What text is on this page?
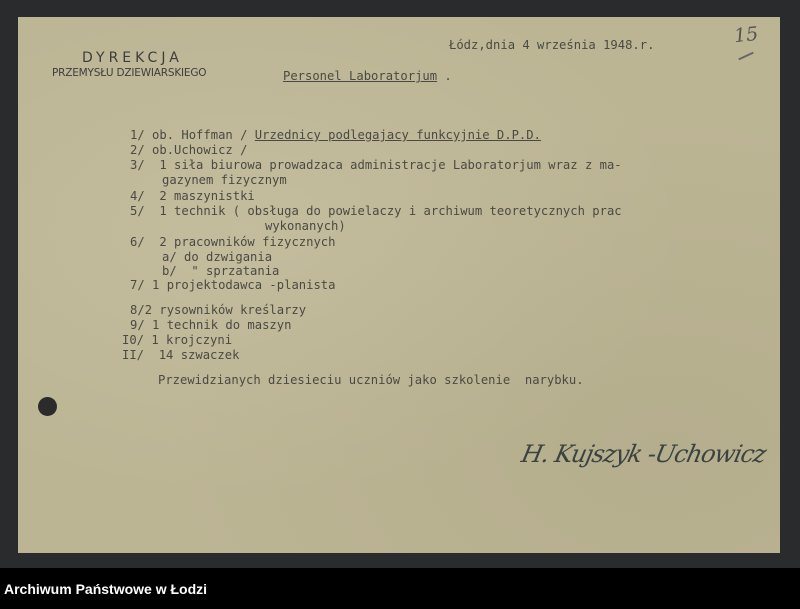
DYREKCJA
PRZEMYSŁU DZIEWIARSKIEGO
Łódz,dnia 4 września 1948.r.	15
Personel Laboratorjum .
1/ ob. Hoffman / Urzednicy podlegajacy funkcyjnie D.P.D.
2/ ob.Uchowicz /
3/ 1 siła biurowa prowadzaca administracje Laboratorjum wraz z ma-
gazynem fizycznym
4/ 2 maszynistki
5/ 1 technik ( obsługa do powielaczy i archiwum teoretycznych prac
wykonanych)
6/ 2 pracowników fizycznych
a/ do dzwigania
b/  " sprzatania
7/ 1 projektodawca -planista
8/2 rysowników kreślarzy
9/ 1 technik do maszyn
I0/ 1 krojczyni
II/  14 szwaczek
Przewidzianych dziesieciu uczniów jako szkolenie  narybku.
H. Kujszyk -Uchowicz
Archiwum Państwowe w Łodzi
